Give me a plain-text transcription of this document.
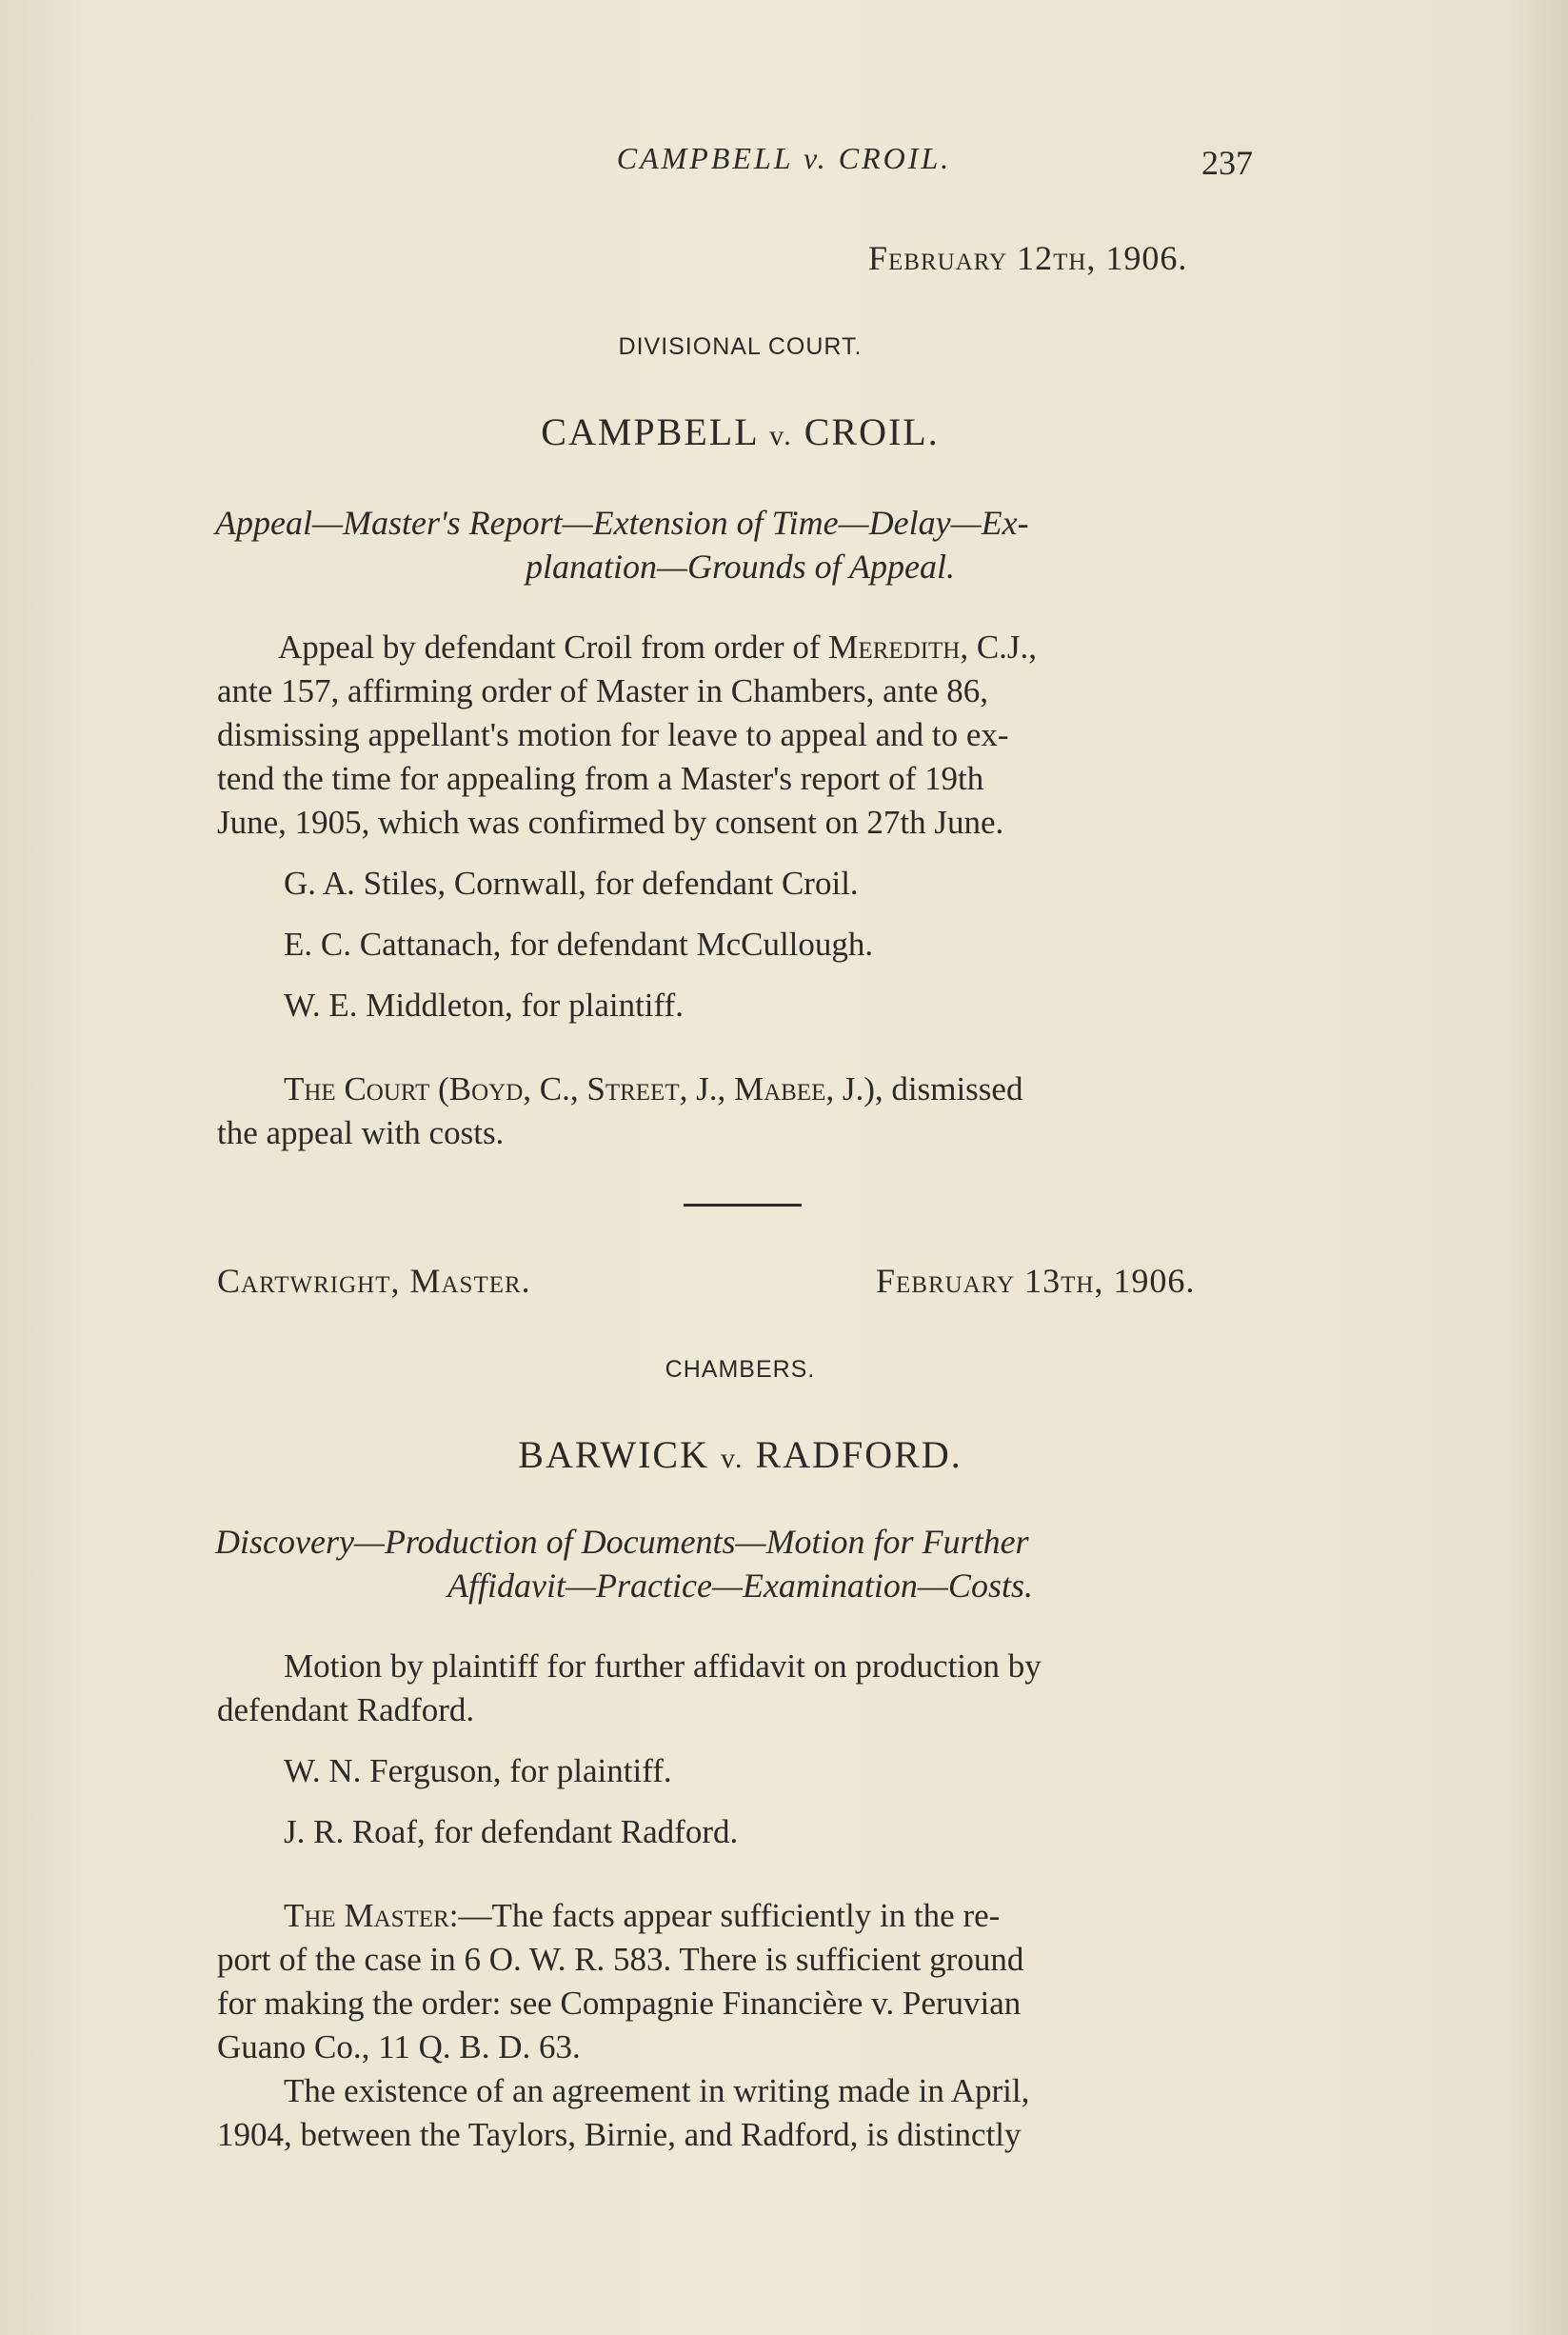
CAMPBELL v. CROIL.	237
February 12th, 1906.
DIVISIONAL COURT.
CAMPBELL v. CROIL.
Appeal—Master's Report—Extension of Time—Delay—Ex-
planation—Grounds of Appeal.
Appeal by defendant Croil from order of Meredith, C.J.,
ante 157, affirming order of Master in Chambers, ante 86,
dismissing appellant's motion for leave to appeal and to ex-
tend the time for appealing from a Master's report of 19th
June, 1905, which was confirmed by consent on 27th June.
G. A. Stiles, Cornwall, for defendant Croil.
E. C. Cattanach, for defendant McCullough.
W. E. Middleton, for plaintiff.
The Court (Boyd, C., Street, J., Mabee, J.), dismissed
the appeal with costs.
Cartwright, Master.	February 13th, 1906.
CHAMBERS.
BARWICK v. RADFORD.
Discovery—Production of Documents—Motion for Further
Affidavit—Practice—Examination—Costs.
Motion by plaintiff for further affidavit on production by
defendant Radford.
W. N. Ferguson, for plaintiff.
J. R. Roaf, for defendant Radford.
The Master:—The facts appear sufficiently in the re-
port of the case in 6 O. W. R. 583. There is sufficient ground
for making the order: see Compagnie Financière v. Peruvian
Guano Co., 11 Q. B. D. 63.
The existence of an agreement in writing made in April,
1904, between the Taylors, Birnie, and Radford, is distinctly
